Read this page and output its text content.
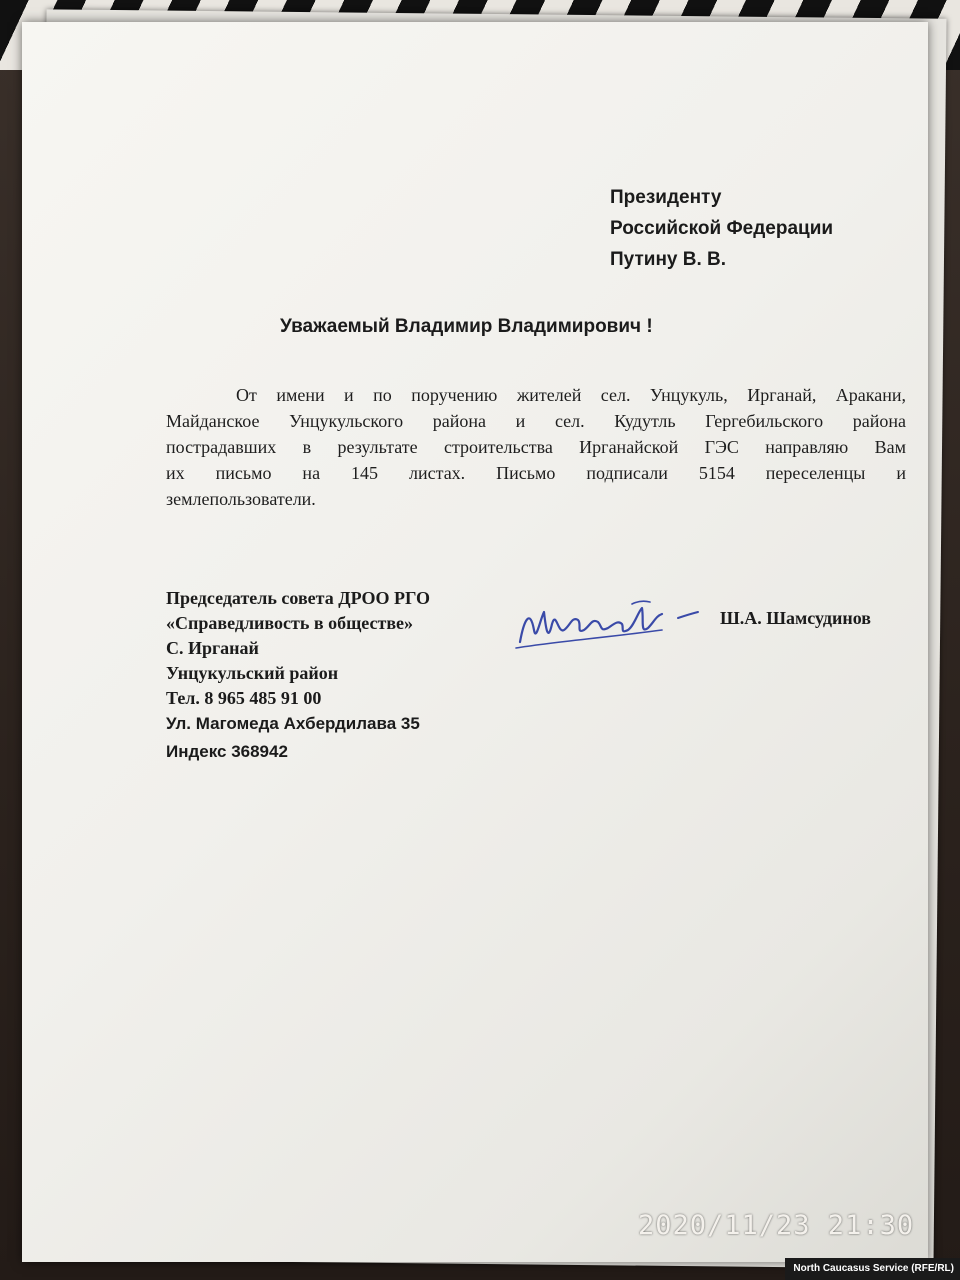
Президенту
Российской Федерации
Путину В. В.
Уважаемый Владимир Владимирович !
От имени и по поручению жителей сел. Унцукуль, Ирганай, Аракани,
Майданское Унцукульского района и сел. Кудутль Гергебильского района
пострадавших в результате строительства Ирганайской ГЭС направляю Вам
их письмо на 145 листах. Письмо подписали 5154 переселенцы и
землепользователи.
Председатель совета ДРОО РГО
«Справедливость в обществе»
С. Ирганай
Унцукульский район
Тел. 8 965 485 91 00
Ул. Магомеда Ахбердилава 35
Индекс 368942
Ш.А. Шамсудинов
2020/11/23 21:30
North Caucasus Service (RFE/RL)
